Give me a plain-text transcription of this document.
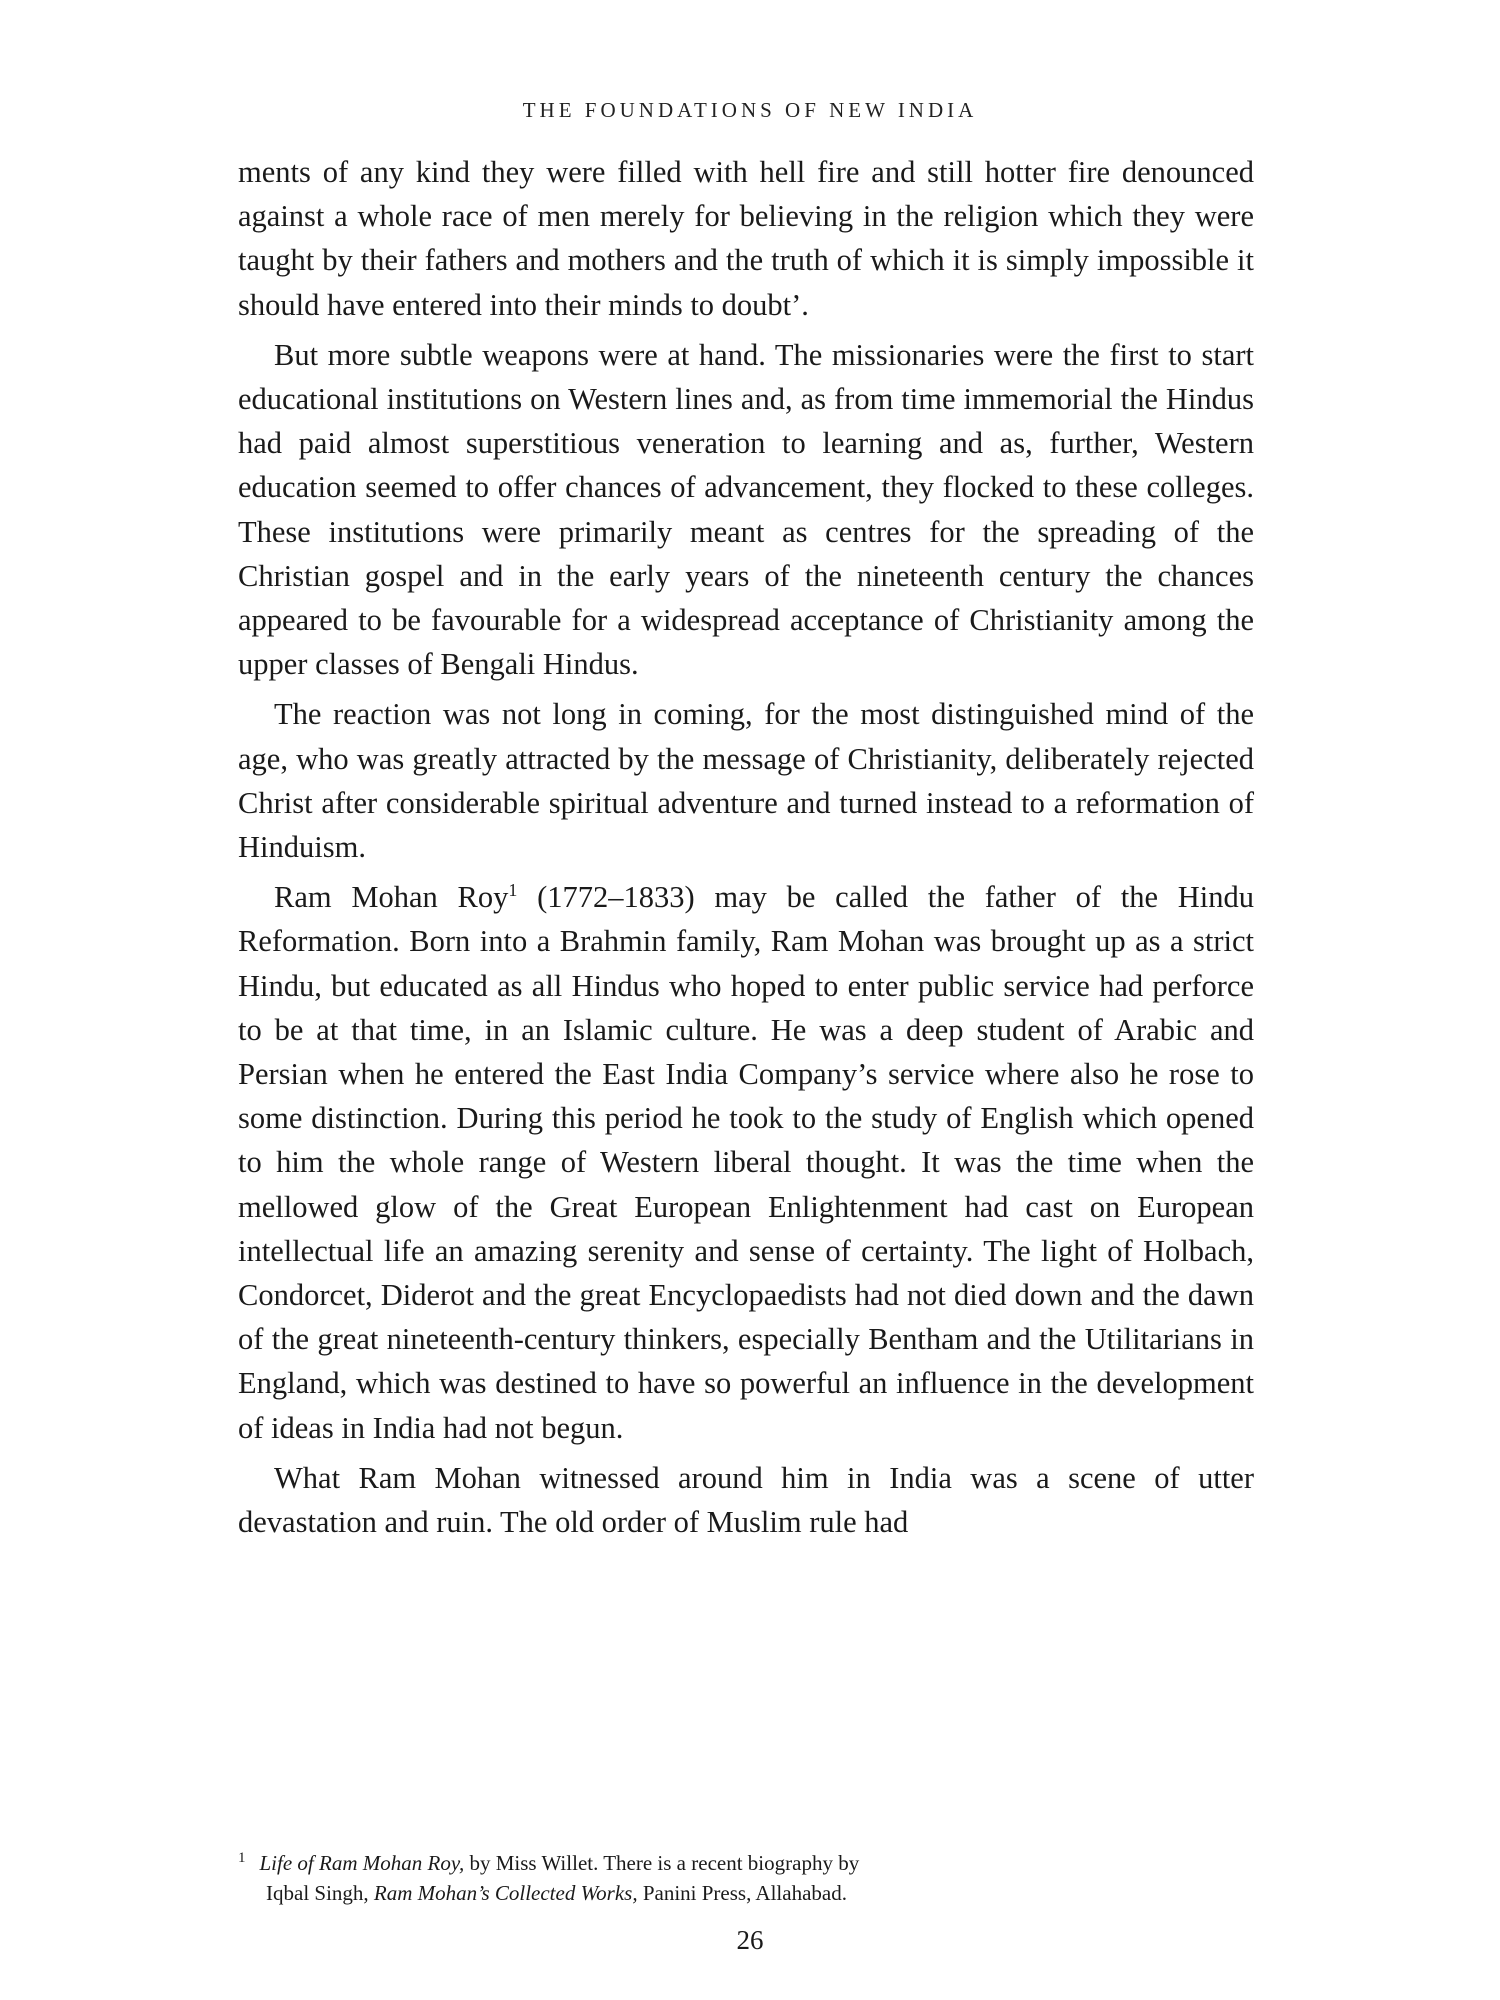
THE FOUNDATIONS OF NEW INDIA

ments of any kind they were filled with hell fire and still hotter fire denounced against a whole race of men merely for believing in the religion which they were taught by their fathers and mothers and the truth of which it is simply impossible it should have entered into their minds to doubt’.

But more subtle weapons were at hand. The missionaries were the first to start educational institutions on Western lines and, as from time immemorial the Hindus had paid almost superstitious veneration to learning and as, further, Western education seemed to offer chances of advancement, they flocked to these colleges. These institutions were primarily meant as centres for the spreading of the Christian gospel and in the early years of the nineteenth century the chances appeared to be favourable for a widespread acceptance of Christianity among the upper classes of Bengali Hindus.

The reaction was not long in coming, for the most distinguished mind of the age, who was greatly attracted by the message of Christianity, deliberately rejected Christ after considerable spiritual adventure and turned instead to a reformation of Hinduism.

Ram Mohan Roy$^1$ (1772–1833) may be called the father of the Hindu Reformation. Born into a Brahmin family, Ram Mohan was brought up as a strict Hindu, but educated as all Hindus who hoped to enter public service had perforce to be at that time, in an Islamic culture. He was a deep student of Arabic and Persian when he entered the East India Company’s service where also he rose to some distinction. During this period he took to the study of English which opened to him the whole range of Western liberal thought. It was the time when the mellowed glow of the Great European Enlightenment had cast on European intellectual life an amazing serenity and sense of certainty. The light of Holbach, Condorcet, Diderot and the great Encyclopaedists had not died down and the dawn of the great nineteenth-century thinkers, especially Bentham and the Utilitarians in England, which was destined to have so powerful an influence in the development of ideas in India had not begun.

What Ram Mohan witnessed around him in India was a scene of utter devastation and ruin. The old order of Muslim rule had

$^1$ Life of Ram Mohan Roy, by Miss Willet. There is a recent biography by
Iqbal Singh, Ram Mohan’s Collected Works, Panini Press, Allahabad.
26
